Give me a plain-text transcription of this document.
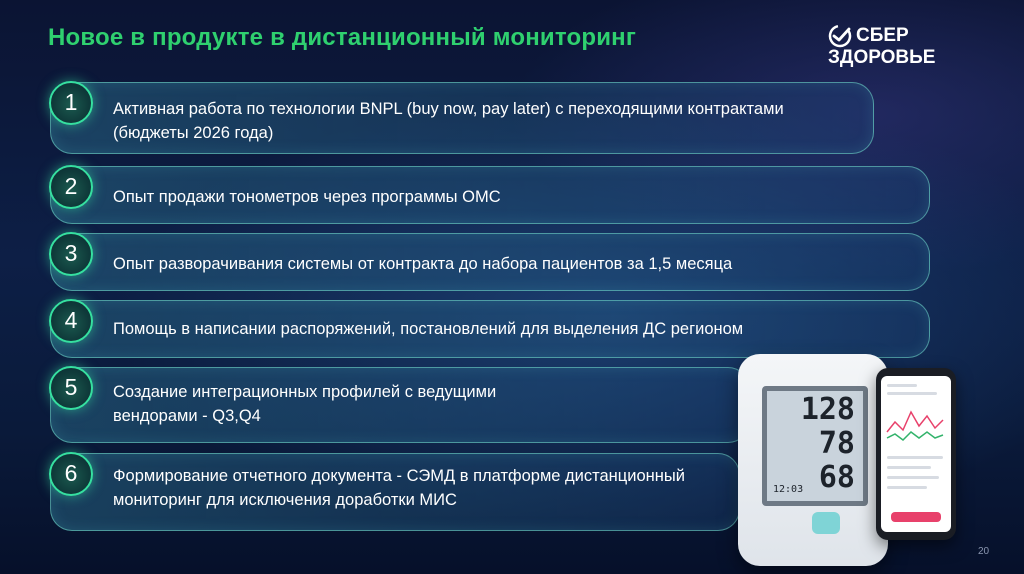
Новое в продукте в дистанционный мониторинг	СБЕР
ЗДОРОВЬЕ
1	Активная работа по технологии BNPL (buy now, pay later) с переходящими контрактами (бюджеты 2026 года)
2	Опыт продажи тонометров через программы ОМС
3	Опыт разворачивания системы от контракта до набора пациентов за 1,5 месяца
4	Помощь в написании распоряжений, постановлений для выделения ДС регионом
5	Создание интеграционных профилей с ведущими вендорами - Q3,Q4
6	Формирование отчетного документа - СЭМД в платформе дистанционный мониторинг для исключения доработки МИС
128
78
68
12:03
20
